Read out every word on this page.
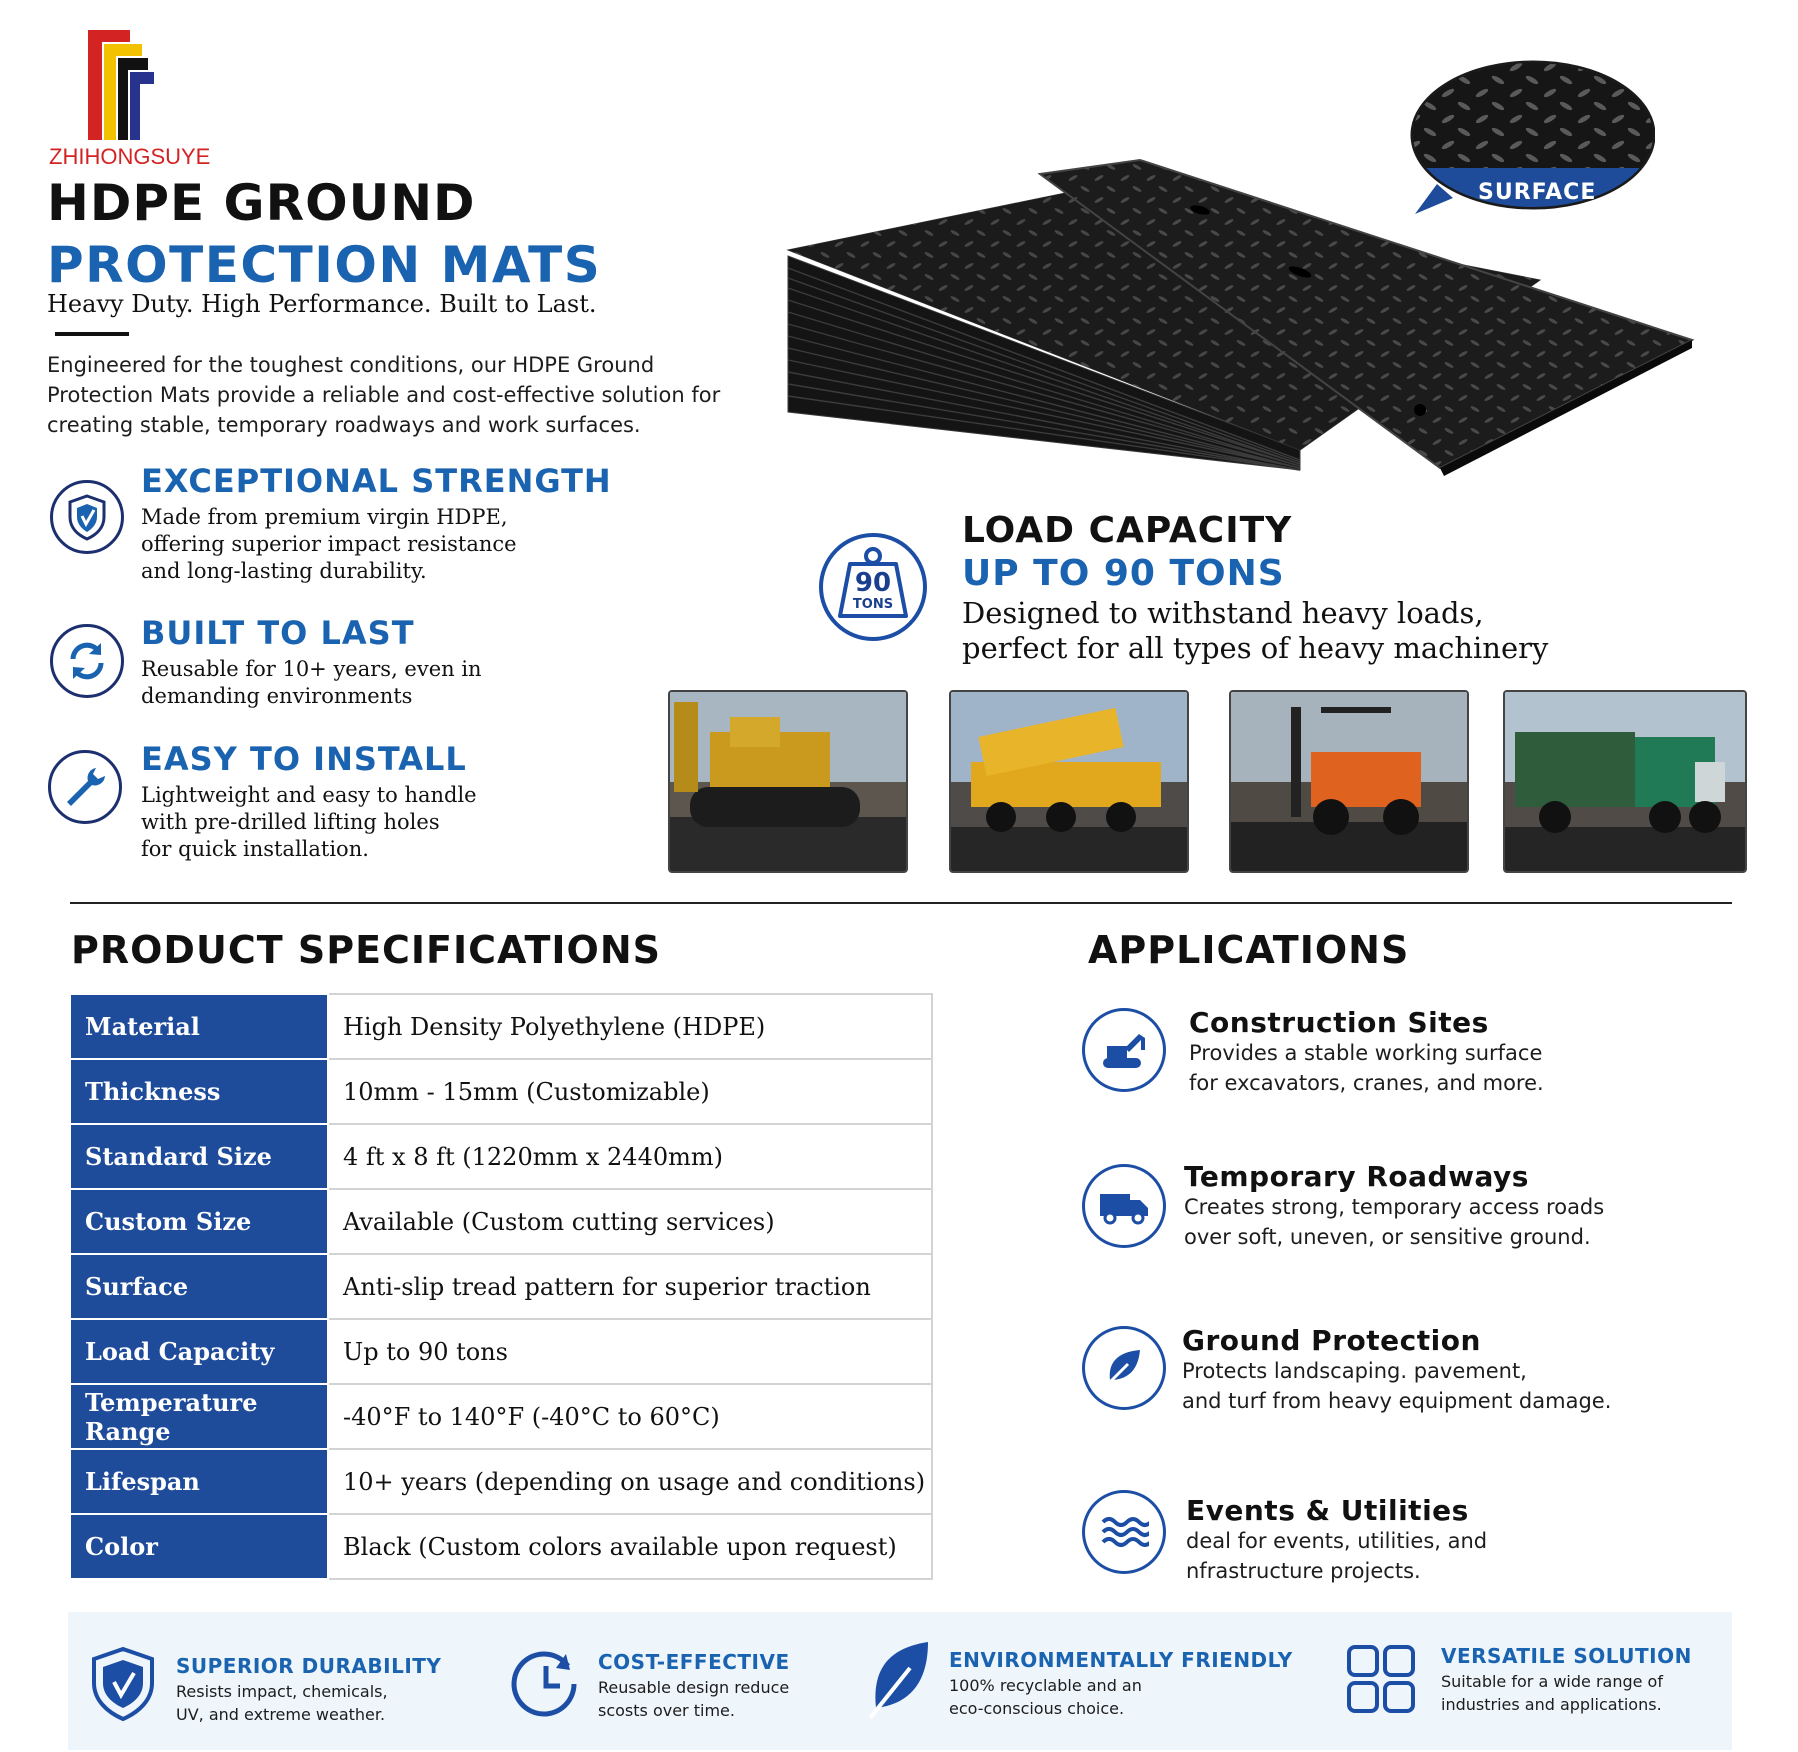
ZHIHONGSUYE
HDPE GROUND
PROTECTION MATS
Heavy Duty. High Performance. Built to Last.
Engineered for the toughest conditions, our HDPE Ground Protection Mats provide a reliable and cost-effective solution for creating stable, temporary roadways and work surfaces.
EXCEPTIONAL STRENGTH
Made from premium virgin HDPE,
offering superior impact resistance
and long-lasting durability.
BUILT TO LAST
Reusable for 10+ years, even in
demanding environments
EASY TO INSTALL
Lightweight and easy to handle
with pre-drilled lifting holes
for quick installation.
SURFACE
90
TONS
LOAD CAPACITY
UP TO 90 TONS
Designed to withstand heavy loads,
perfect for all types of heavy machinery
PRODUCT SPECIFICATIONS
Material	High Density Polyethylene (HDPE)
Thickness	10mm - 15mm (Customizable)
Standard Size	4 ft x 8 ft (1220mm x 2440mm)
Custom Size	Available (Custom cutting services)
Surface	Anti-slip tread pattern for superior traction
Load Capacity	Up to 90 tons
Temperature Range	-40°F to 140°F (-40°C to 60°C)
Lifespan	10+ years (depending on usage and conditions)
Color	Black (Custom colors available upon request)
APPLICATIONS
Construction Sites
Provides a stable working surface
for excavators, cranes, and more.
Temporary Roadways
Creates strong, temporary access roads
over soft, uneven, or sensitive ground.
Ground Protection
Protects landscaping. pavement,
and turf from heavy equipment damage.
Events & Utilities
deal for events, utilities, and
nfrastructure projects.
SUPERIOR DURABILITY
Resists impact, chemicals,
UV, and extreme weather.
COST-EFFECTIVE
Reusable design reduce
scosts over time.
ENVIRONMENTALLY FRIENDLY
100% recyclable and an
eco-conscious choice.
VERSATILE SOLUTION
Suitable for a wide range of
industries and applications.
